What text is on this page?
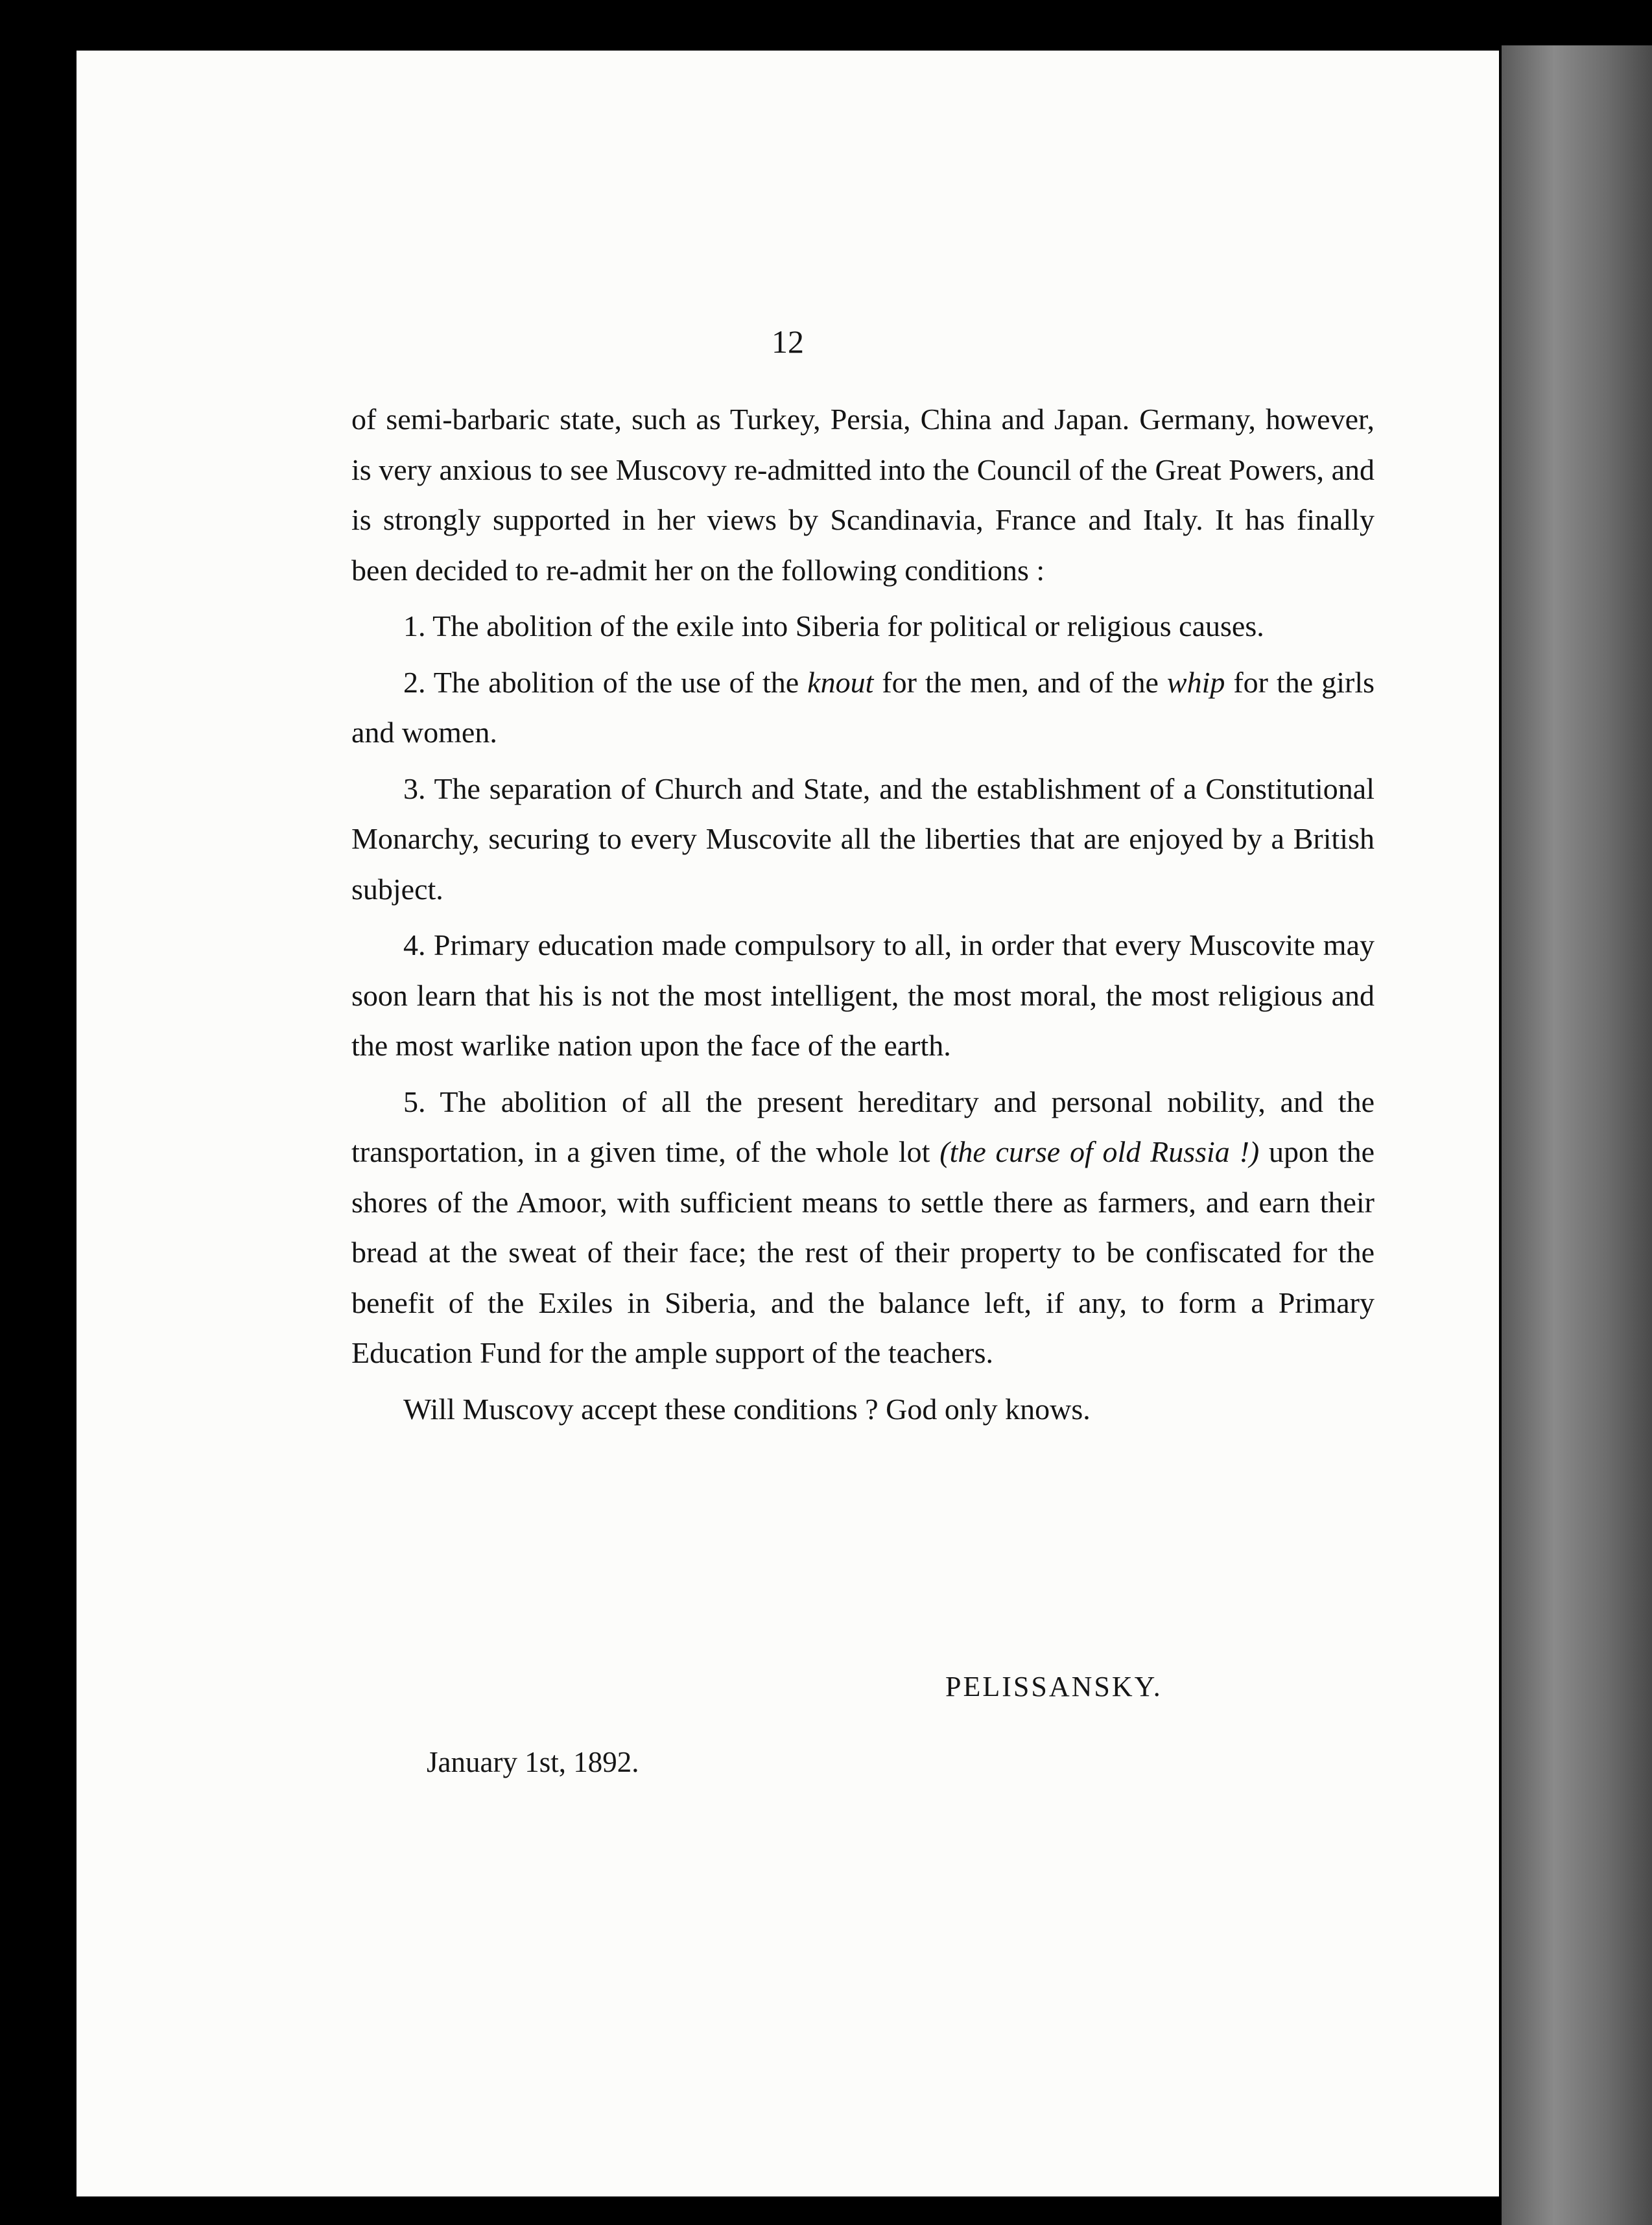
12

of semi-barbaric state, such as Turkey, Persia, China and Japan. Germany, however, is very anxious to see Muscovy re-admitted into the Council of the Great Powers, and is strongly supported in her views by Scandinavia, France and Italy. It has finally been decided to re-admit her on the following conditions :

1. The abolition of the exile into Siberia for political or religious causes.

2. The abolition of the use of the knout for the men, and of the whip for the girls and women.

3. The separation of Church and State, and the establishment of a Constitutional Monarchy, securing to every Muscovite all the liberties that are enjoyed by a British subject.

4. Primary education made compulsory to all, in order that every Muscovite may soon learn that his is not the most intelligent, the most moral, the most religious and the most warlike nation upon the face of the earth.

5. The abolition of all the present hereditary and personal nobility, and the transportation, in a given time, of the whole lot (the curse of old Russia !) upon the shores of the Amoor, with sufficient means to settle there as farmers, and earn their bread at the sweat of their face; the rest of their property to be confiscated for the benefit of the Exiles in Siberia, and the balance left, if any, to form a Primary Education Fund for the ample support of the teachers.

Will Muscovy accept these conditions ? God only knows.

PELISSANSKY.
January 1st, 1892.
